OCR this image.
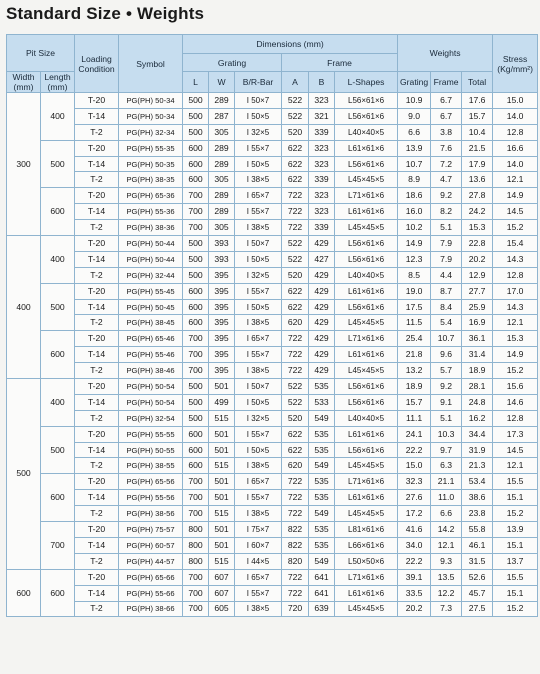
Standard Size • Weights
Pit Size		Loading
Condition	Symbol	Dimensions (mm)						Weights			Stress
(Kg/mm²)
				Grating			Frame						
Width
(mm)	Length
(mm)			L	W	B/R-Bar	A	B	L-Shapes	Grating	Frame	Total	
300	400	T-20	PG(PH) 50-34	500	289	I 50×7	522	323	L56×61×6	10.9	6.7	17.6	15.0
		T-14	PG(PH) 50-34	500	287	I 50×5	522	321	L56×61×6	9.0	6.7	15.7	14.0
		T-2	PG(PH) 32-34	500	305	I 32×5	520	339	L40×40×5	6.6	3.8	10.4	12.8
	500	T-20	PG(PH) 55-35	600	289	I 55×7	622	323	L61×61×6	13.9	7.6	21.5	16.6
		T-14	PG(PH) 50-35	600	289	I 50×5	622	323	L56×61×6	10.7	7.2	17.9	14.0
		T-2	PG(PH) 38-35	600	305	I 38×5	622	339	L45×45×5	8.9	4.7	13.6	12.1
	600	T-20	PG(PH) 65-36	700	289	I 65×7	722	323	L71×61×6	18.6	9.2	27.8	14.9
		T-14	PG(PH) 55-36	700	289	I 55×7	722	323	L61×61×6	16.0	8.2	24.2	14.5
		T-2	PG(PH) 38-36	700	305	I 38×5	722	339	L45×45×5	10.2	5.1	15.3	15.2
400	400	T-20	PG(PH) 50-44	500	393	I 50×7	522	429	L56×61×6	14.9	7.9	22.8	15.4
		T-14	PG(PH) 50-44	500	393	I 50×5	522	427	L56×61×6	12.3	7.9	20.2	14.3
		T-2	PG(PH) 32-44	500	395	I 32×5	520	429	L40×40×5	8.5	4.4	12.9	12.8
	500	T-20	PG(PH) 55-45	600	395	I 55×7	622	429	L61×61×6	19.0	8.7	27.7	17.0
		T-14	PG(PH) 50-45	600	395	I 50×5	622	429	L56×61×6	17.5	8.4	25.9	14.3
		T-2	PG(PH) 38-45	600	395	I 38×5	620	429	L45×45×5	11.5	5.4	16.9	12.1
	600	T-20	PG(PH) 65-46	700	395	I 65×7	722	429	L71×61×6	25.4	10.7	36.1	15.3
		T-14	PG(PH) 55-46	700	395	I 55×7	722	429	L61×61×6	21.8	9.6	31.4	14.9
		T-2	PG(PH) 38-46	700	395	I 38×5	722	429	L45×45×5	13.2	5.7	18.9	15.2
500	400	T-20	PG(PH) 50-54	500	501	I 50×7	522	535	L56×61×6	18.9	9.2	28.1	15.6
		T-14	PG(PH) 50-54	500	499	I 50×5	522	533	L56×61×6	15.7	9.1	24.8	14.6
		T-2	PG(PH) 32-54	500	515	I 32×5	520	549	L40×40×5	11.1	5.1	16.2	12.8
	500	T-20	PG(PH) 55-55	600	501	I 55×7	622	535	L61×61×6	24.1	10.3	34.4	17.3
		T-14	PG(PH) 50-55	600	501	I 50×5	622	535	L56×61×6	22.2	9.7	31.9	14.5
		T-2	PG(PH) 38-55	600	515	I 38×5	620	549	L45×45×5	15.0	6.3	21.3	12.1
	600	T-20	PG(PH) 65-56	700	501	I 65×7	722	535	L71×61×6	32.3	21.1	53.4	15.5
		T-14	PG(PH) 55-56	700	501	I 55×7	722	535	L61×61×6	27.6	11.0	38.6	15.1
		T-2	PG(PH) 38-56	700	515	I 38×5	722	549	L45×45×5	17.2	6.6	23.8	15.2
	700	T-20	PG(PH) 75-57	800	501	I 75×7	822	535	L81×61×6	41.6	14.2	55.8	13.9
		T-14	PG(PH) 60-57	800	501	I 60×7	822	535	L66×61×6	34.0	12.1	46.1	15.1
		T-2	PG(PH) 44-57	800	515	I 44×5	820	549	L50×50×6	22.2	9.3	31.5	13.7
600	600	T-20	PG(PH) 65-66	700	607	I 65×7	722	641	L71×61×6	39.1	13.5	52.6	15.5
		T-14	PG(PH) 55-66	700	607	I 55×7	722	641	L61×61×6	33.5	12.2	45.7	15.1
		T-2	PG(PH) 38-66	700	605	I 38×5	720	639	L45×45×5	20.2	7.3	27.5	15.2
